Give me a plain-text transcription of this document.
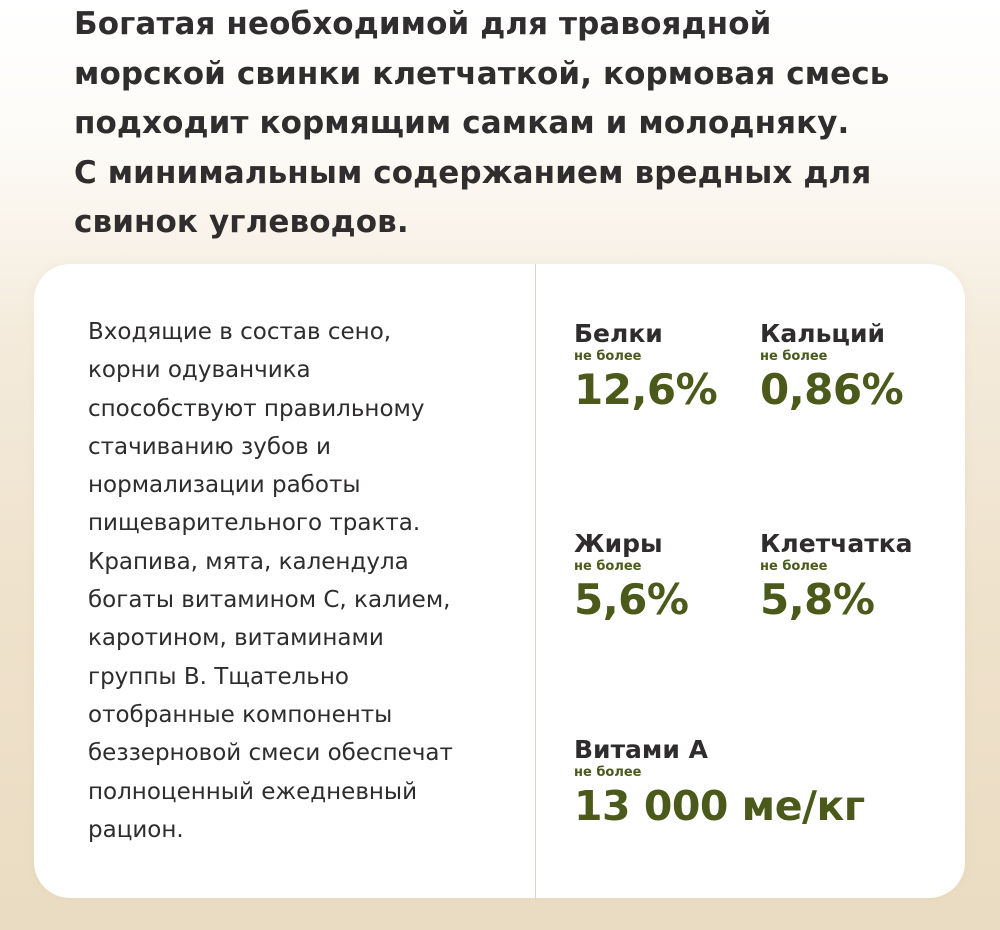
Богатая необходимой для травоядной
морской свинки клетчаткой, кормовая смесь
подходит кормящим самкам и молодняку.
С минимальным содержанием вредных для
свинок углеводов.
Входящие в состав сено,
корни одуванчика
способствуют правильному
стачиванию зубов и
нормализации работы
пищеварительного тракта.
Крапива, мята, календула
богаты витамином С, калием,
каротином, витаминами
группы В. Тщательно
отобранные компоненты
беззерновой смеси обеспечат
полноценный ежедневный
рацион.
Белки
не более
12,6%
Кальций
не более
0,86%
Жиры
не более
5,6%
Клетчатка
не более
5,8%
Витами А
не более
13 000 ме/кг
